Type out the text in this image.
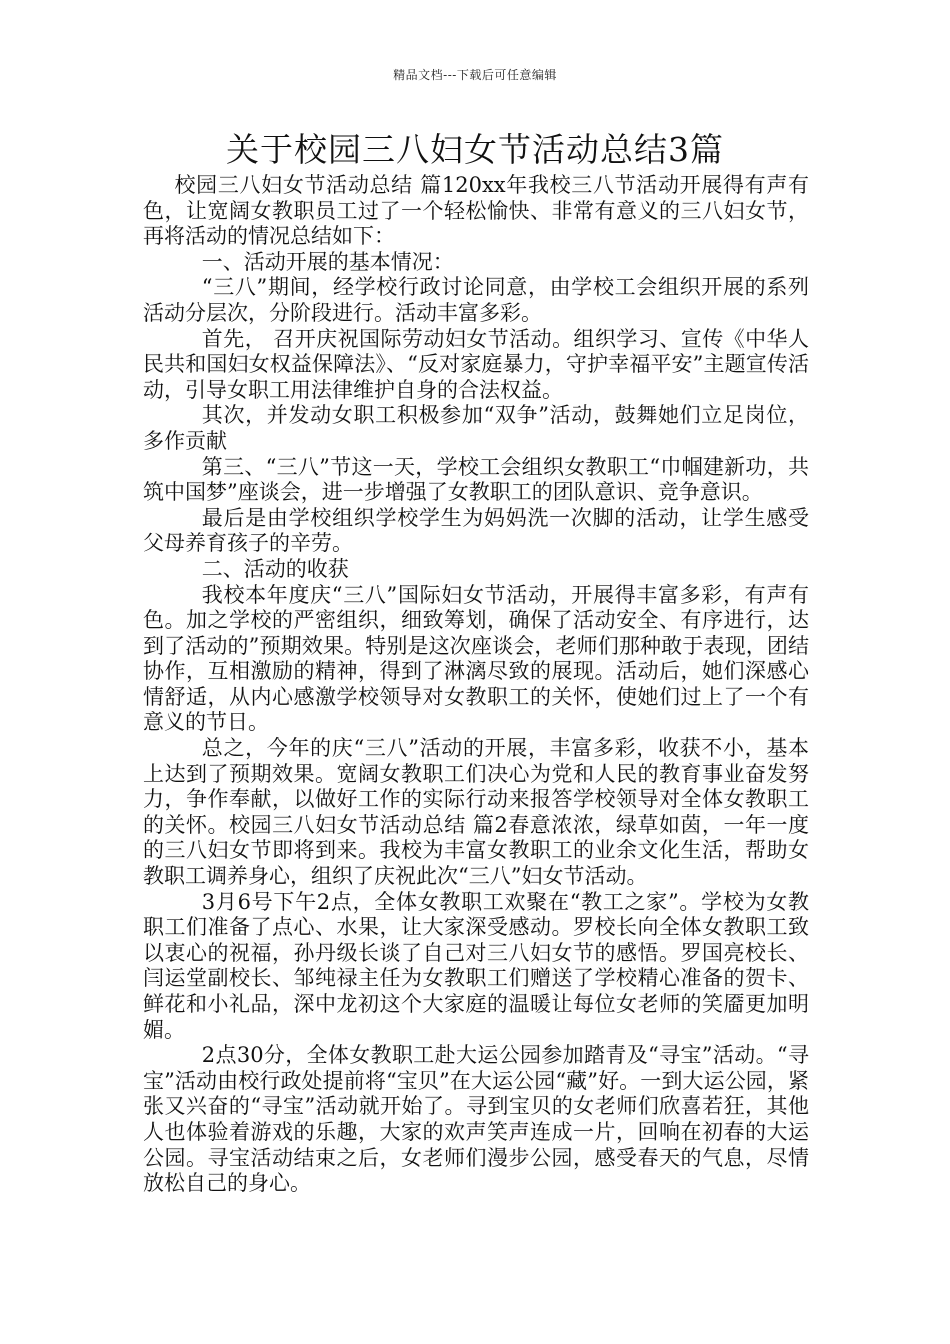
精品文档---下载后可任意编辑
关于校园三八妇女节活动总结3篇

校园三八妇女节活动总结 篇120xx年我校三八节活动开展得有声有色，让宽阔女教职员工过了一个轻松愉快、非常有意义的三八妇女节，再将活动的情况总结如下：

一、活动开展的基本情况：

“三八”期间，经学校行政讨论同意，由学校工会组织开展的系列活动分层次，分阶段进行。活动丰富多彩。

首先， 召开庆祝国际劳动妇女节活动。组织学习、宣传《中华人民共和国妇女权益保障法》、“反对家庭暴力，守护幸福平安”主题宣传活动，引导女职工用法律维护自身的合法权益。

其次，并发动女职工积极参加“双争”活动，鼓舞她们立足岗位，多作贡献

第三、“三八”节这一天，学校工会组织女教职工“巾帼建新功，共筑中国梦”座谈会，进一步增强了女教职工的团队意识、竞争意识。

最后是由学校组织学校学生为妈妈洗一次脚的活动，让学生感受父母养育孩子的辛劳。

二、活动的收获

我校本年度庆“三八”国际妇女节活动，开展得丰富多彩，有声有色。加之学校的严密组织，细致筹划，确保了活动安全、有序进行，达到了活动的”预期效果。特别是这次座谈会，老师们那种敢于表现，团结协作，互相激励的精神，得到了淋漓尽致的展现。活动后，她们深感心情舒适，从内心感激学校领导对女教职工的关怀，使她们过上了一个有意义的节日。

总之，今年的庆“三八”活动的开展，丰富多彩，收获不小，基本上达到了预期效果。宽阔女教职工们决心为党和人民的教育事业奋发努力，争作奉献，以做好工作的实际行动来报答学校领导对全体女教职工的关怀。校园三八妇女节活动总结 篇2春意浓浓，绿草如茵，一年一度的三八妇女节即将到来。我校为丰富女教职工的业余文化生活，帮助女教职工调养身心，组织了庆祝此次“三八”妇女节活动。

3月6号下午2点，全体女教职工欢聚在“教工之家”。学校为女教职工们准备了点心、水果，让大家深受感动。罗校长向全体女教职工致以衷心的祝福，孙丹级长谈了自己对三八妇女节的感悟。罗国亮校长、闫运堂副校长、邹纯禄主任为女教职工们赠送了学校精心准备的贺卡、鲜花和小礼品，深中龙初这个大家庭的温暖让每位女老师的笑靥更加明媚。

2点30分，全体女教职工赴大运公园参加踏青及“寻宝”活动。“寻宝”活动由校行政处提前将“宝贝”在大运公园“藏”好。一到大运公园，紧张又兴奋的“寻宝”活动就开始了。寻到宝贝的女老师们欣喜若狂，其他人也体验着游戏的乐趣，大家的欢声笑声连成一片，回响在初春的大运公园。寻宝活动结束之后，女老师们漫步公园，感受春天的气息，尽情放松自己的身心。
